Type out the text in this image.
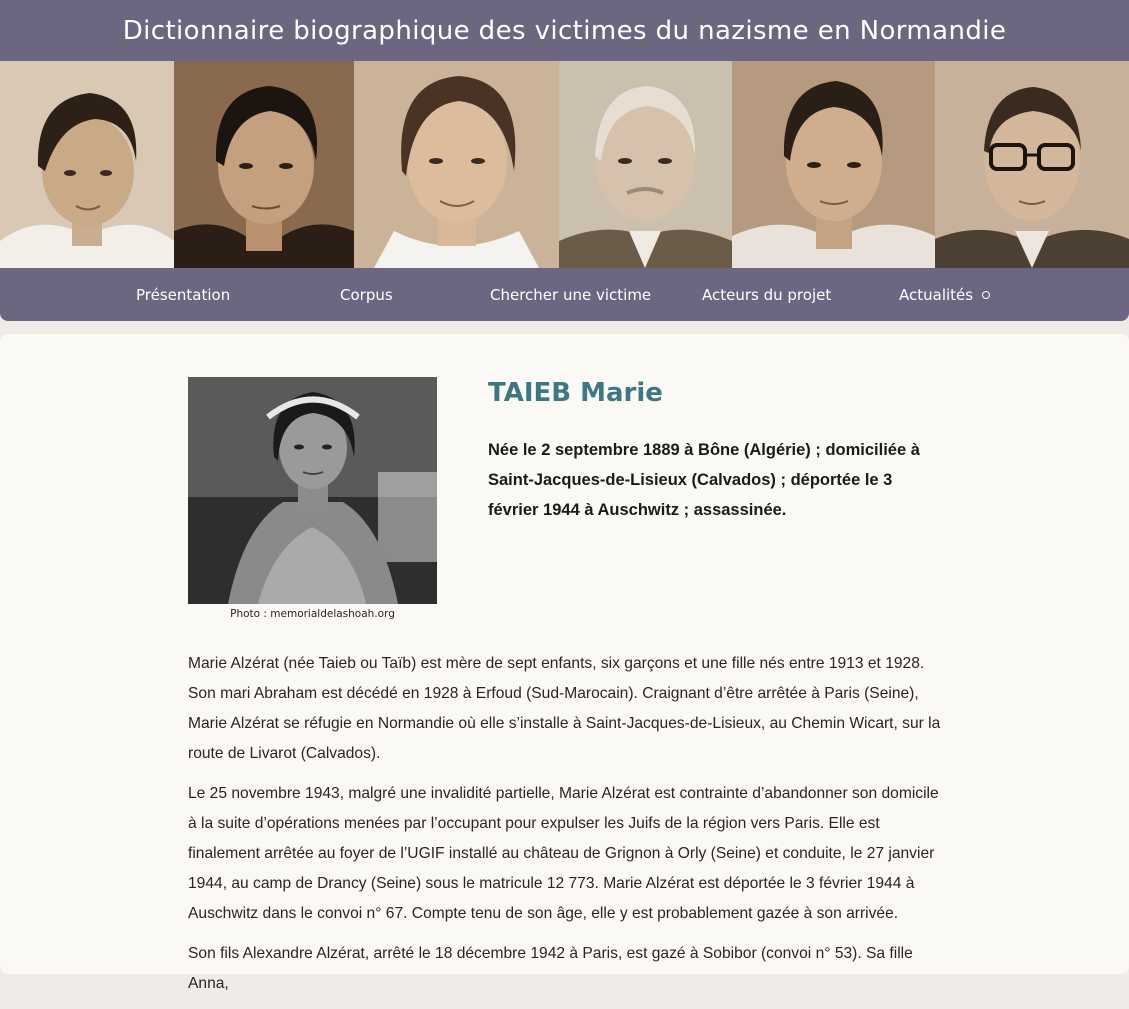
Dictionnaire biographique des victimes du nazisme en Normandie
Présentation	Corpus	Chercher une victime	Acteurs du projet	Actualités
Photo : memorialdelashoah.org
TAIEB Marie

Née le 2 septembre 1889 à Bône (Algérie) ; domiciliée à Saint-Jacques-de-Lisieux (Calvados) ; déportée le 3 février 1944 à Auschwitz ; assassinée.

Marie Alzérat (née Taieb ou Taïb) est mère de sept enfants, six garçons et une fille nés entre 1913 et 1928. Son mari Abraham est décédé en 1928 à Erfoud (Sud-Marocain). Craignant d’être arrêtée à Paris (Seine), Marie Alzérat se réfugie en Normandie où elle s’installe à Saint-Jacques-de-Lisieux, au Chemin Wicart, sur la route de Livarot (Calvados).

Le 25 novembre 1943, malgré une invalidité partielle, Marie Alzérat est contrainte d’abandonner son domicile à la suite d’opérations menées par l’occupant pour expulser les Juifs de la région vers Paris. Elle est finalement arrêtée au foyer de l’UGIF installé au château de Grignon à Orly (Seine) et conduite, le 27 janvier 1944, au camp de Drancy (Seine) sous le matricule 12 773. Marie Alzérat est déportée le 3 février 1944 à Auschwitz dans le convoi n° 67. Compte tenu de son âge, elle y est probablement gazée à son arrivée.

Son fils Alexandre Alzérat, arrêté le 18 décembre 1942 à Paris, est gazé à Sobibor (convoi n° 53). Sa fille Anna,
